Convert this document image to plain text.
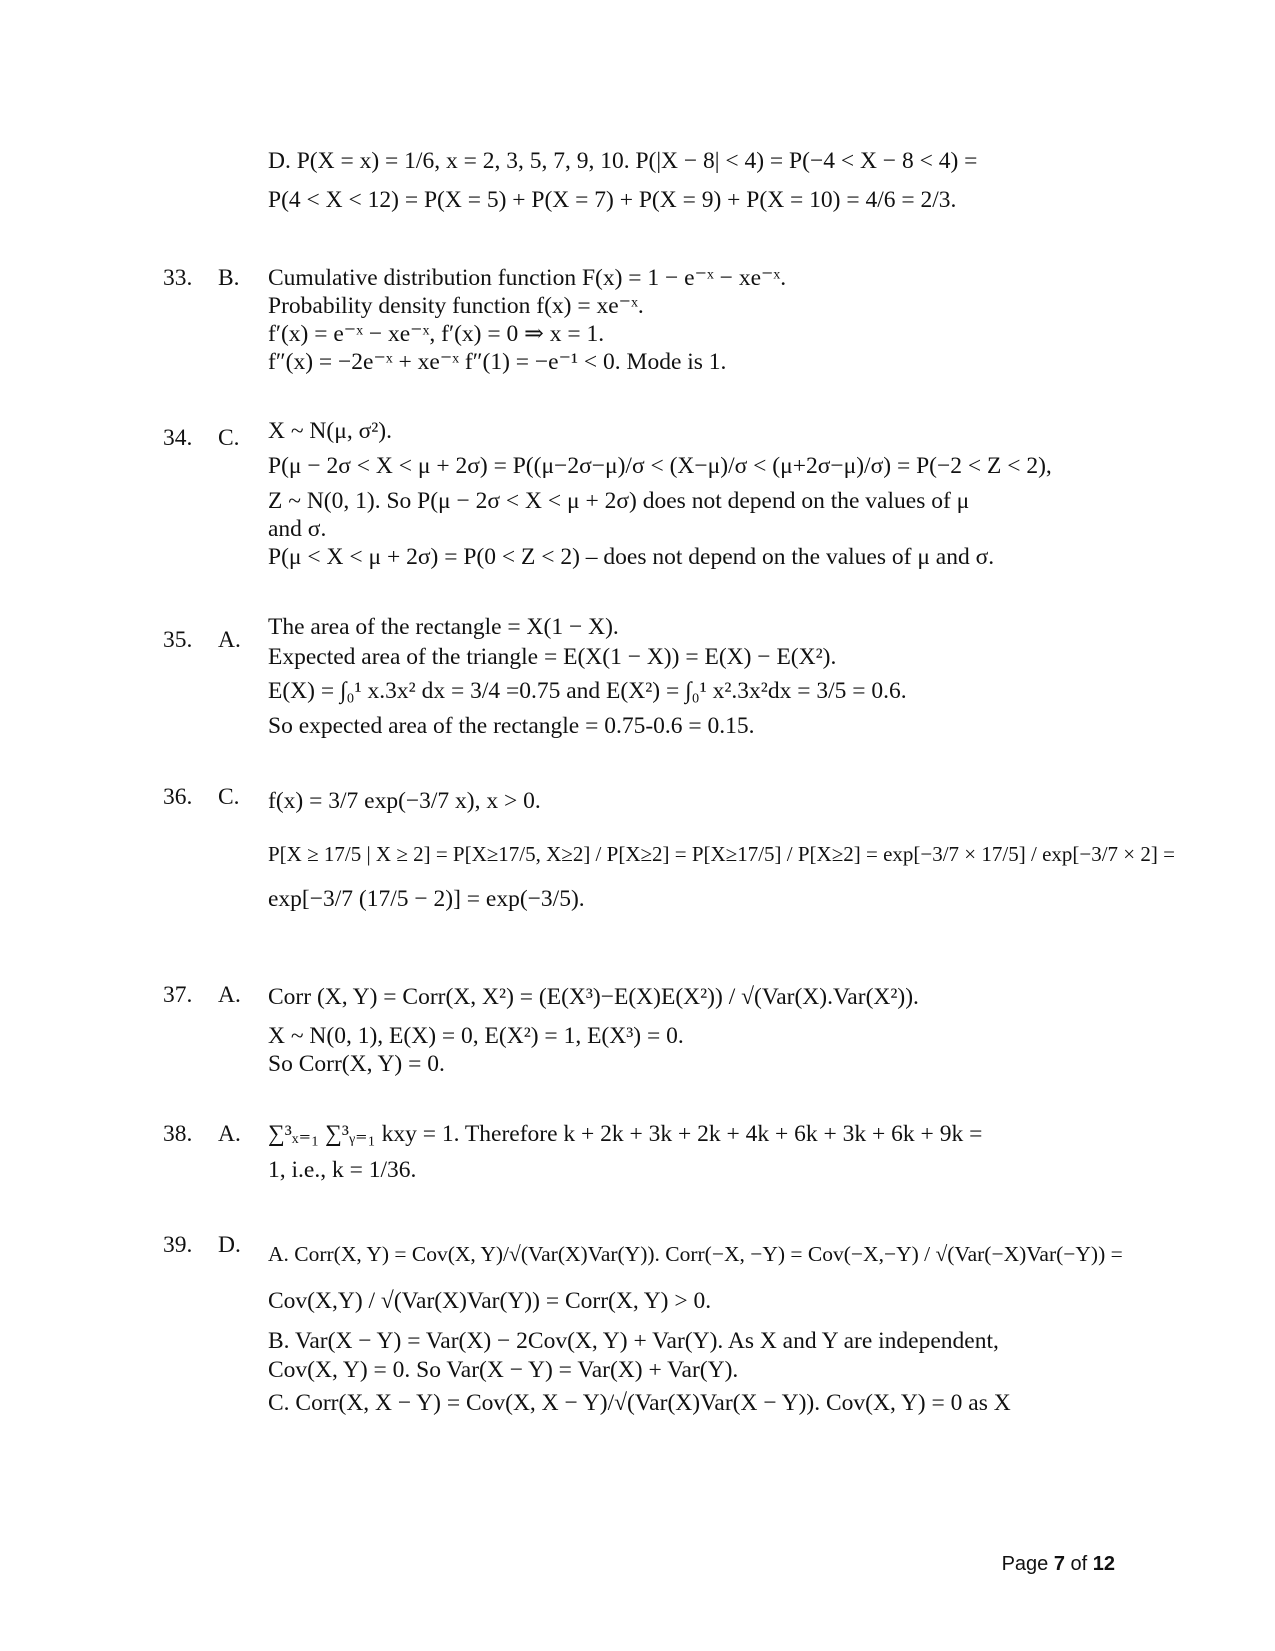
D. P(X = x) = 1/6, x = 2, 3, 5, 7, 9, 10. P(|X − 8| < 4) = P(−4 < X − 8 < 4) =
P(4 < X < 12) = P(X = 5) + P(X = 7) + P(X = 9) + P(X = 10) = 4/6 = 2/3.
33. B. Cumulative distribution function F(x) = 1 − e⁻ˣ − xe⁻ˣ.
Probability density function f(x) = xe⁻ˣ.
f′(x) = e⁻ˣ − xe⁻ˣ, f′(x) = 0 ⇒ x = 1.
f″(x) = −2e⁻ˣ + xe⁻ˣ f″(1) = −e⁻¹ < 0. Mode is 1.
34. C. X ~ N(μ, σ²).
P(μ − 2σ < X < μ + 2σ) = P((μ−2σ−μ)/σ < (X−μ)/σ < (μ+2σ−μ)/σ) = P(−2 < Z < 2),
Z ~ N(0, 1). So P(μ − 2σ < X < μ + 2σ) does not depend on the values of μ
and σ.
P(μ < X < μ + 2σ) = P(0 < Z < 2) – does not depend on the values of μ and σ.
35. A. The area of the rectangle = X(1 − X).
Expected area of the triangle = E(X(1 − X)) = E(X) − E(X²).
E(X) = ∫₀¹ x.3x² dx = 3/4 =0.75 and E(X²) = ∫₀¹ x².3x²dx = 3/5 = 0.6.
So expected area of the rectangle = 0.75-0.6 = 0.15.
36. C. f(x) = 3/7 exp(−3/7 x), x > 0.
P[X ≥ 17/5 | X ≥ 2] = P[X≥17/5, X≥2] / P[X≥2] = P[X≥17/5] / P[X≥2] = exp[−3/7 × 17/5] / exp[−3/7 × 2] =
exp[−3/7 (17/5 − 2)] = exp(−3/5).
37. A. Corr (X, Y) = Corr(X, X²) = (E(X³)−E(X)E(X²)) / √(Var(X).Var(X²)).
X ~ N(0, 1), E(X) = 0, E(X²) = 1, E(X³) = 0.
So Corr(X, Y) = 0.
38. A. ∑³ₓ₌₁ ∑³ᵧ₌₁ kxy = 1. Therefore k + 2k + 3k + 2k + 4k + 6k + 3k + 6k + 9k =
1, i.e., k = 1/36.
39. D. A. Corr(X, Y) = Cov(X, Y)/√(Var(X)Var(Y)). Corr(−X, −Y) = Cov(−X,−Y) / √(Var(−X)Var(−Y)) =
Cov(X,Y) / √(Var(X)Var(Y)) = Corr(X, Y) > 0.
B. Var(X − Y) = Var(X) − 2Cov(X, Y) + Var(Y). As X and Y are independent,
Cov(X, Y) = 0. So Var(X − Y) = Var(X) + Var(Y).
C. Corr(X, X − Y) = Cov(X, X − Y)/√(Var(X)Var(X − Y)). Cov(X, Y) = 0 as X
Page 7 of 12
